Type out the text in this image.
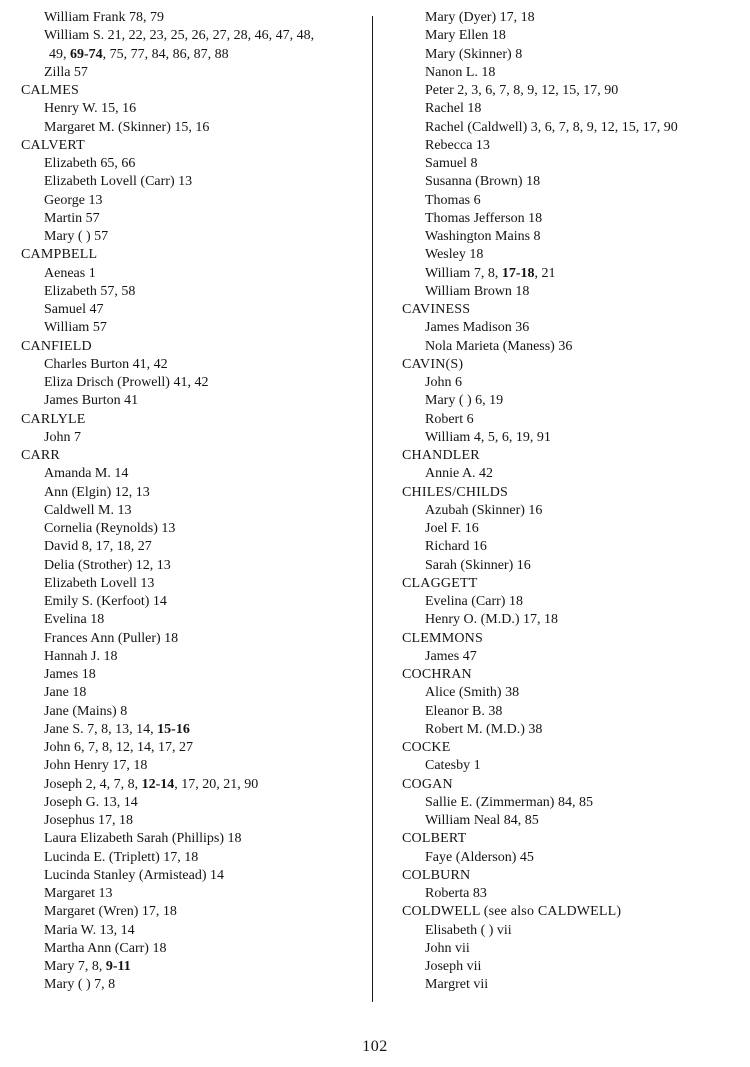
William Frank 78, 79
William S. 21, 22, 23, 25, 26, 27, 28, 46, 47, 48,
49, 69-74, 75, 77, 84, 86, 87, 88
Zilla 57
CALMES
Henry W. 15, 16
Margaret M. (Skinner) 15, 16
CALVERT
Elizabeth 65, 66
Elizabeth Lovell (Carr) 13
George 13
Martin 57
Mary ( ) 57
CAMPBELL
Aeneas 1
Elizabeth 57, 58
Samuel 47
William 57
CANFIELD
Charles Burton 41, 42
Eliza Drisch (Prowell) 41, 42
James Burton 41
CARLYLE
John 7
CARR
Amanda M. 14
Ann (Elgin) 12, 13
Caldwell M. 13
Cornelia (Reynolds) 13
David 8, 17, 18, 27
Delia (Strother) 12, 13
Elizabeth Lovell 13
Emily S. (Kerfoot) 14
Evelina 18
Frances Ann (Puller) 18
Hannah J. 18
James 18
Jane 18
Jane (Mains) 8
Jane S. 7, 8, 13, 14, 15-16
John 6, 7, 8, 12, 14, 17, 27
John Henry 17, 18
Joseph 2, 4, 7, 8, 12-14, 17, 20, 21, 90
Joseph G. 13, 14
Josephus 17, 18
Laura Elizabeth Sarah (Phillips) 18
Lucinda E. (Triplett) 17, 18
Lucinda Stanley (Armistead) 14
Margaret 13
Margaret (Wren) 17, 18
Maria W. 13, 14
Martha Ann (Carr) 18
Mary 7, 8, 9-11
Mary ( ) 7, 8
Mary (Dyer) 17, 18
Mary Ellen 18
Mary (Skinner) 8
Nanon L. 18
Peter 2, 3, 6, 7, 8, 9, 12, 15, 17, 90
Rachel 18
Rachel (Caldwell) 3, 6, 7, 8, 9, 12, 15, 17, 90
Rebecca 13
Samuel 8
Susanna (Brown) 18
Thomas 6
Thomas Jefferson 18
Washington Mains 8
Wesley 18
William 7, 8, 17-18, 21
William Brown 18
CAVINESS
James Madison 36
Nola Marieta (Maness) 36
CAVIN(S)
John 6
Mary ( ) 6, 19
Robert 6
William 4, 5, 6, 19, 91
CHANDLER
Annie A. 42
CHILES/CHILDS
Azubah (Skinner) 16
Joel F. 16
Richard 16
Sarah (Skinner) 16
CLAGGETT
Evelina (Carr) 18
Henry O. (M.D.) 17, 18
CLEMMONS
James 47
COCHRAN
Alice (Smith) 38
Eleanor B. 38
Robert M. (M.D.) 38
COCKE
Catesby 1
COGAN
Sallie E. (Zimmerman) 84, 85
William Neal 84, 85
COLBERT
Faye (Alderson) 45
COLBURN
Roberta 83
COLDWELL (see also CALDWELL)
Elisabeth ( ) vii
John vii
Joseph vii
Margret vii
102
